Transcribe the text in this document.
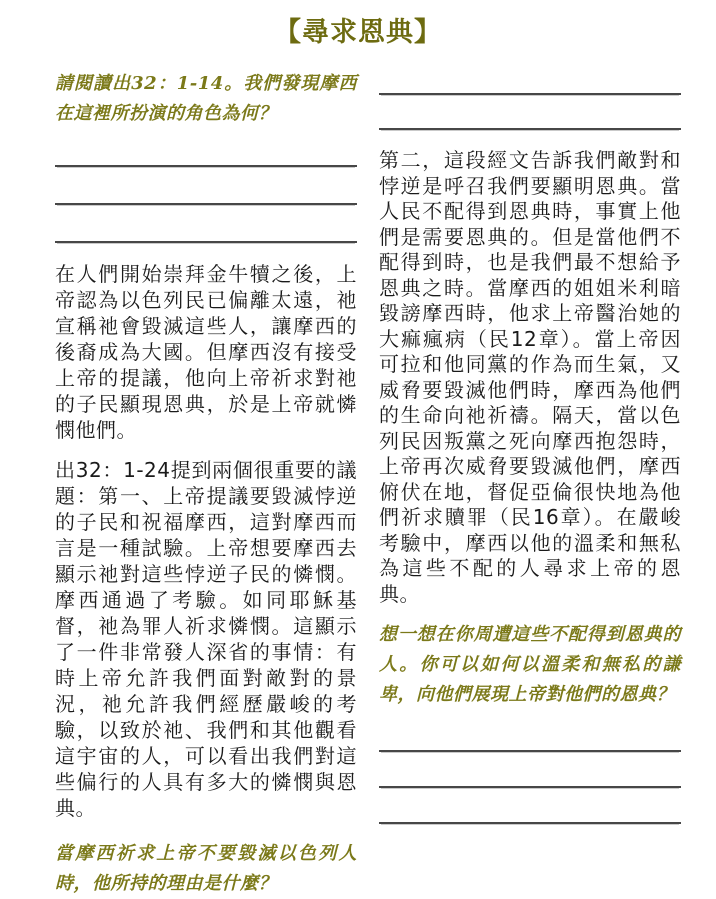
【尋求恩典】

請閱讀出32：1-14。我們發現摩西在這裡所扮演的角色為何？

在人們開始崇拜金牛犢之後，上帝認為以色列民已偏離太遠，祂宣稱祂會毀滅這些人，讓摩西的後裔成為大國。但摩西沒有接受上帝的提議，他向上帝祈求對祂的子民顯現恩典，於是上帝就憐憫他們。

出32：1-24提到兩個很重要的議題：第一、上帝提議要毀滅悖逆的子民和祝福摩西，這對摩西而言是一種試驗。上帝想要摩西去顯示祂對這些悖逆子民的憐憫。摩西通過了考驗。如同耶穌基督，祂為罪人祈求憐憫。這顯示了一件非常發人深省的事情：有時上帝允許我們面對敵對的景況，祂允許我們經歷嚴峻的考驗，以致於祂、我們和其他觀看這宇宙的人，可以看出我們對這些偏行的人具有多大的憐憫與恩典。

當摩西祈求上帝不要毀滅以色列人時，他所持的理由是什麼？

第二，這段經文告訴我們敵對和悖逆是呼召我們要顯明恩典。當人民不配得到恩典時，事實上他們是需要恩典的。但是當他們不配得到時，也是我們最不想給予恩典之時。當摩西的姐姐米利暗毀謗摩西時，他求上帝醫治她的大痲瘋病（民12章）。當上帝因可拉和他同黨的作為而生氣，又威脅要毀滅他們時，摩西為他們的生命向祂祈禱。隔天，當以色列民因叛黨之死向摩西抱怨時，上帝再次威脅要毀滅他們，摩西俯伏在地，督促亞倫很快地為他們祈求贖罪（民16章）。在嚴峻考驗中，摩西以他的溫柔和無私為這些不配的人尋求上帝的恩典。

想一想在你周遭這些不配得到恩典的人。你可以如何以溫柔和無私的謙卑，向他們展現上帝對他們的恩典？
